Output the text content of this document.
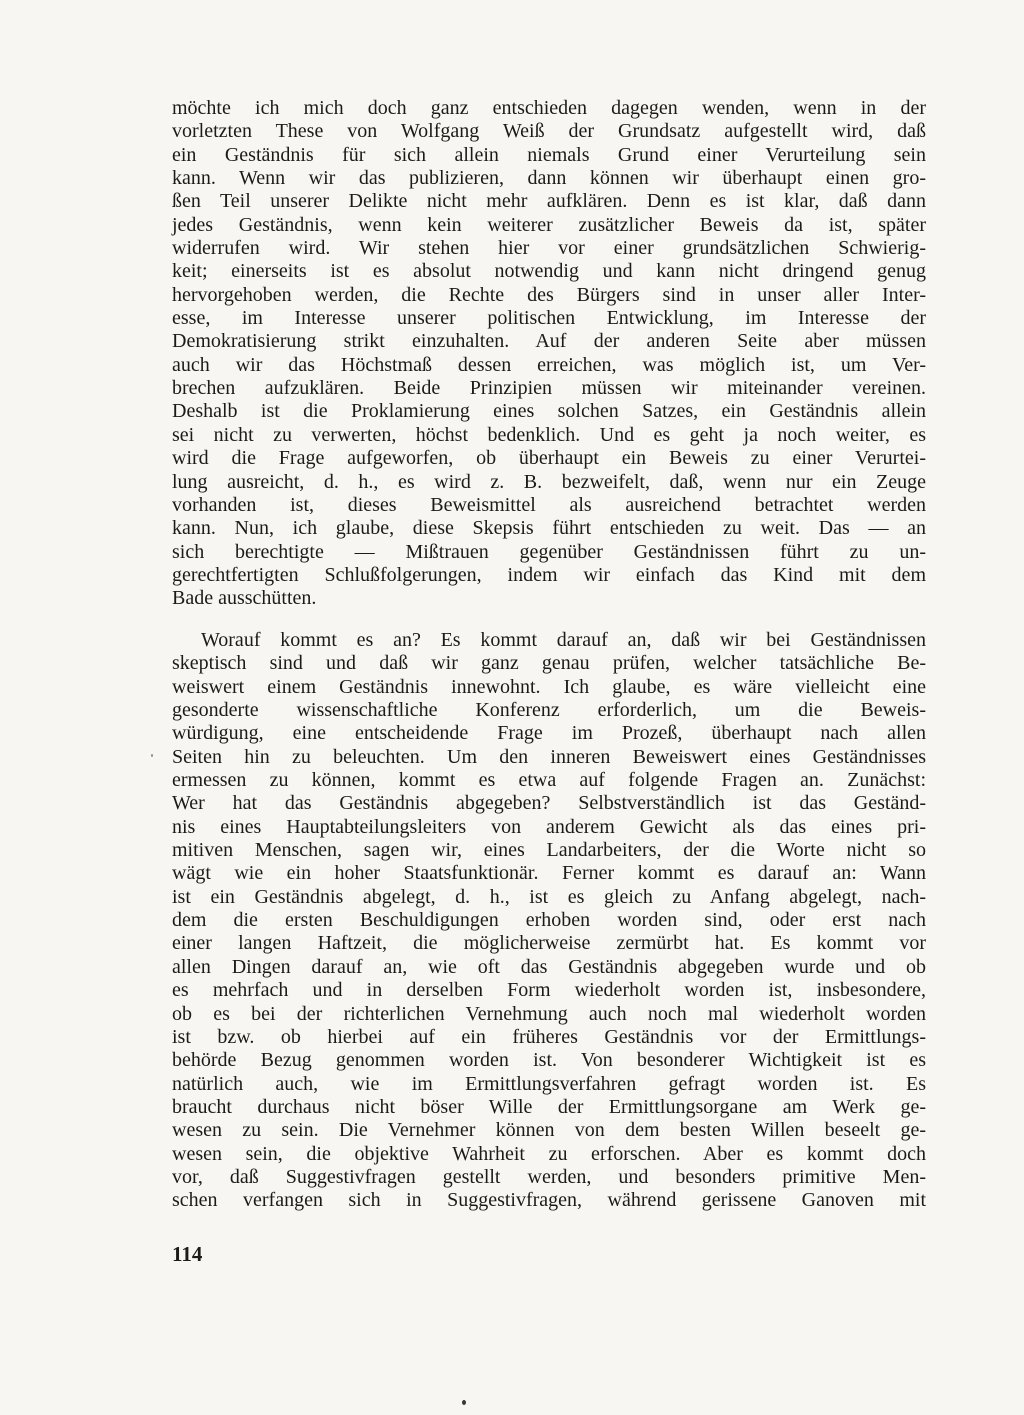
möchte ich mich doch ganz entschieden dagegen wenden, wenn in der
vorletzten These von Wolfgang Weiß der Grundsatz aufgestellt wird, daß
ein Geständnis für sich allein niemals Grund einer Verurteilung sein
kann. Wenn wir das publizieren, dann können wir überhaupt einen gro-
ßen Teil unserer Delikte nicht mehr aufklären. Denn es ist klar, daß dann
jedes Geständnis, wenn kein weiterer zusätzlicher Beweis da ist, später
widerrufen wird. Wir stehen hier vor einer grundsätzlichen Schwierig-
keit; einerseits ist es absolut notwendig und kann nicht dringend genug
hervorgehoben werden, die Rechte des Bürgers sind in unser aller Inter-
esse, im Interesse unserer politischen Entwicklung, im Interesse der
Demokratisierung strikt einzuhalten. Auf der anderen Seite aber müssen
auch wir das Höchstmaß dessen erreichen, was möglich ist, um Ver-
brechen aufzuklären. Beide Prinzipien müssen wir miteinander vereinen.
Deshalb ist die Proklamierung eines solchen Satzes, ein Geständnis allein
sei nicht zu verwerten, höchst bedenklich. Und es geht ja noch weiter, es
wird die Frage aufgeworfen, ob überhaupt ein Beweis zu einer Verurtei-
lung ausreicht, d. h., es wird z. B. bezweifelt, daß, wenn nur ein Zeuge
vorhanden ist, dieses Beweismittel als ausreichend betrachtet werden
kann. Nun, ich glaube, diese Skepsis führt entschieden zu weit. Das — an
sich berechtigte — Mißtrauen gegenüber Geständnissen führt zu un-
gerechtfertigten Schlußfolgerungen, indem wir einfach das Kind mit dem
Bade ausschütten.
Worauf kommt es an? Es kommt darauf an, daß wir bei Geständnissen
skeptisch sind und daß wir ganz genau prüfen, welcher tatsächliche Be-
weiswert einem Geständnis innewohnt. Ich glaube, es wäre vielleicht eine
gesonderte wissenschaftliche Konferenz erforderlich, um die Beweis-
würdigung, eine entscheidende Frage im Prozeß, überhaupt nach allen
Seiten hin zu beleuchten. Um den inneren Beweiswert eines Geständnisses
ermessen zu können, kommt es etwa auf folgende Fragen an. Zunächst:
Wer hat das Geständnis abgegeben? Selbstverständlich ist das Geständ-
nis eines Hauptabteilungsleiters von anderem Gewicht als das eines pri-
mitiven Menschen, sagen wir, eines Landarbeiters, der die Worte nicht so
wägt wie ein hoher Staatsfunktionär. Ferner kommt es darauf an: Wann
ist ein Geständnis abgelegt, d. h., ist es gleich zu Anfang abgelegt, nach-
dem die ersten Beschuldigungen erhoben worden sind, oder erst nach
einer langen Haftzeit, die möglicherweise zermürbt hat. Es kommt vor
allen Dingen darauf an, wie oft das Geständnis abgegeben wurde und ob
es mehrfach und in derselben Form wiederholt worden ist, insbesondere,
ob es bei der richterlichen Vernehmung auch noch mal wiederholt worden
ist bzw. ob hierbei auf ein früheres Geständnis vor der Ermittlungs-
behörde Bezug genommen worden ist. Von besonderer Wichtigkeit ist es
natürlich auch, wie im Ermittlungsverfahren gefragt worden ist. Es
braucht durchaus nicht böser Wille der Ermittlungsorgane am Werk ge-
wesen zu sein. Die Vernehmer können von dem besten Willen beseelt ge-
wesen sein, die objektive Wahrheit zu erforschen. Aber es kommt doch
vor, daß Suggestivfragen gestellt werden, und besonders primitive Men-
schen verfangen sich in Suggestivfragen, während gerissene Ganoven mit
114
